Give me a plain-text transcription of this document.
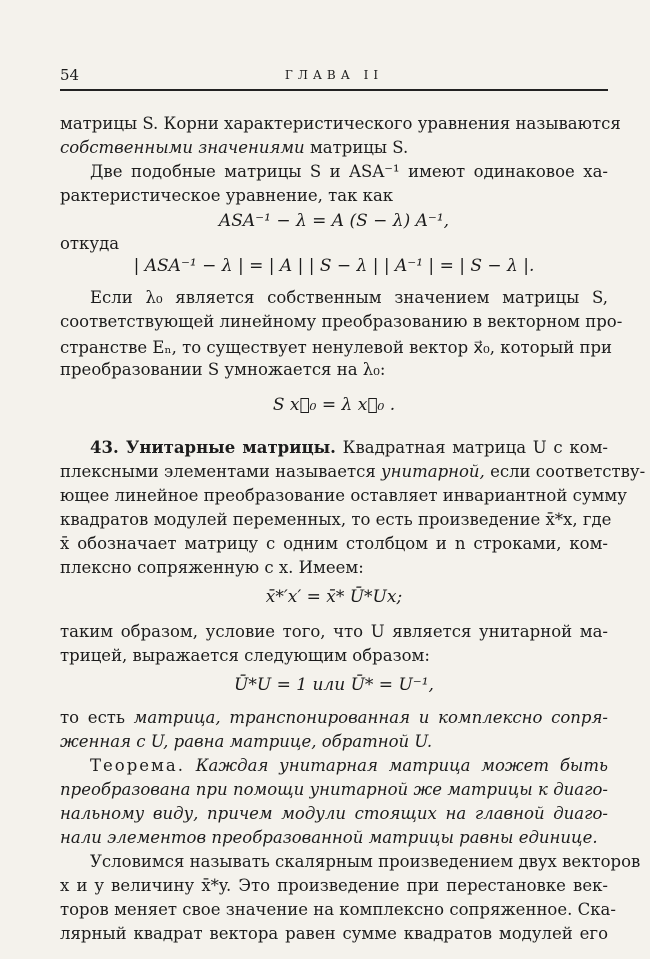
54	ГЛАВА II
матрицы S. Корни характеристического уравнения называются
собственными значениями матрицы S.
Две подобные матрицы S и ASA⁻¹ имеют одинаковое ха-
рактеристическое уравнение, так как
ASA⁻¹ − λ = A (S − λ) A⁻¹,
откуда
| ASA⁻¹ − λ | = | A | | S − λ | | A⁻¹ | = | S − λ |.
Если λ₀ является собственным значением матрицы S,
соответствующей линейному преобразованию в векторном про-
странстве Eₙ, то существует ненулевой вектор x⃗₀, который при
преобразовании S умножается на λ₀:
S x⃗₀ = λ x⃗₀ .
43. Унитарные матрицы. Квадратная матрица U с ком-
плексными элементами называется унитарной, если соответству-
ющее линейное преобразование оставляет инвариантной сумму
квадратов модулей переменных, то есть произведение x̄*x, где
x̄ обозначает матрицу с одним столбцом и n строками, ком-
плексно сопряженную с x. Имеем:
x̄*′x′ = x̄* Ū*Ux;
таким образом, условие того, что U является унитарной ма-
трицей, выражается следующим образом:
Ū*U = 1 или Ū* = U⁻¹,
то есть матрица, транспонированная и комплексно сопря-
женная с U, равна матрице, обратной U.
Теорема. Каждая унитарная матрица может быть
преобразована при помощи унитарной же матрицы к диаго-
нальному виду, причем модули стоящих на главной диаго-
нали элементов преобразованной матрицы равны единице.
Условимся называть скалярным произведением двух векторов
x и y величину x̄*y. Это произведение при перестановке век-
торов меняет свое значение на комплексно сопряженное. Ска-
лярный квадрат вектора равен сумме квадратов модулей его
